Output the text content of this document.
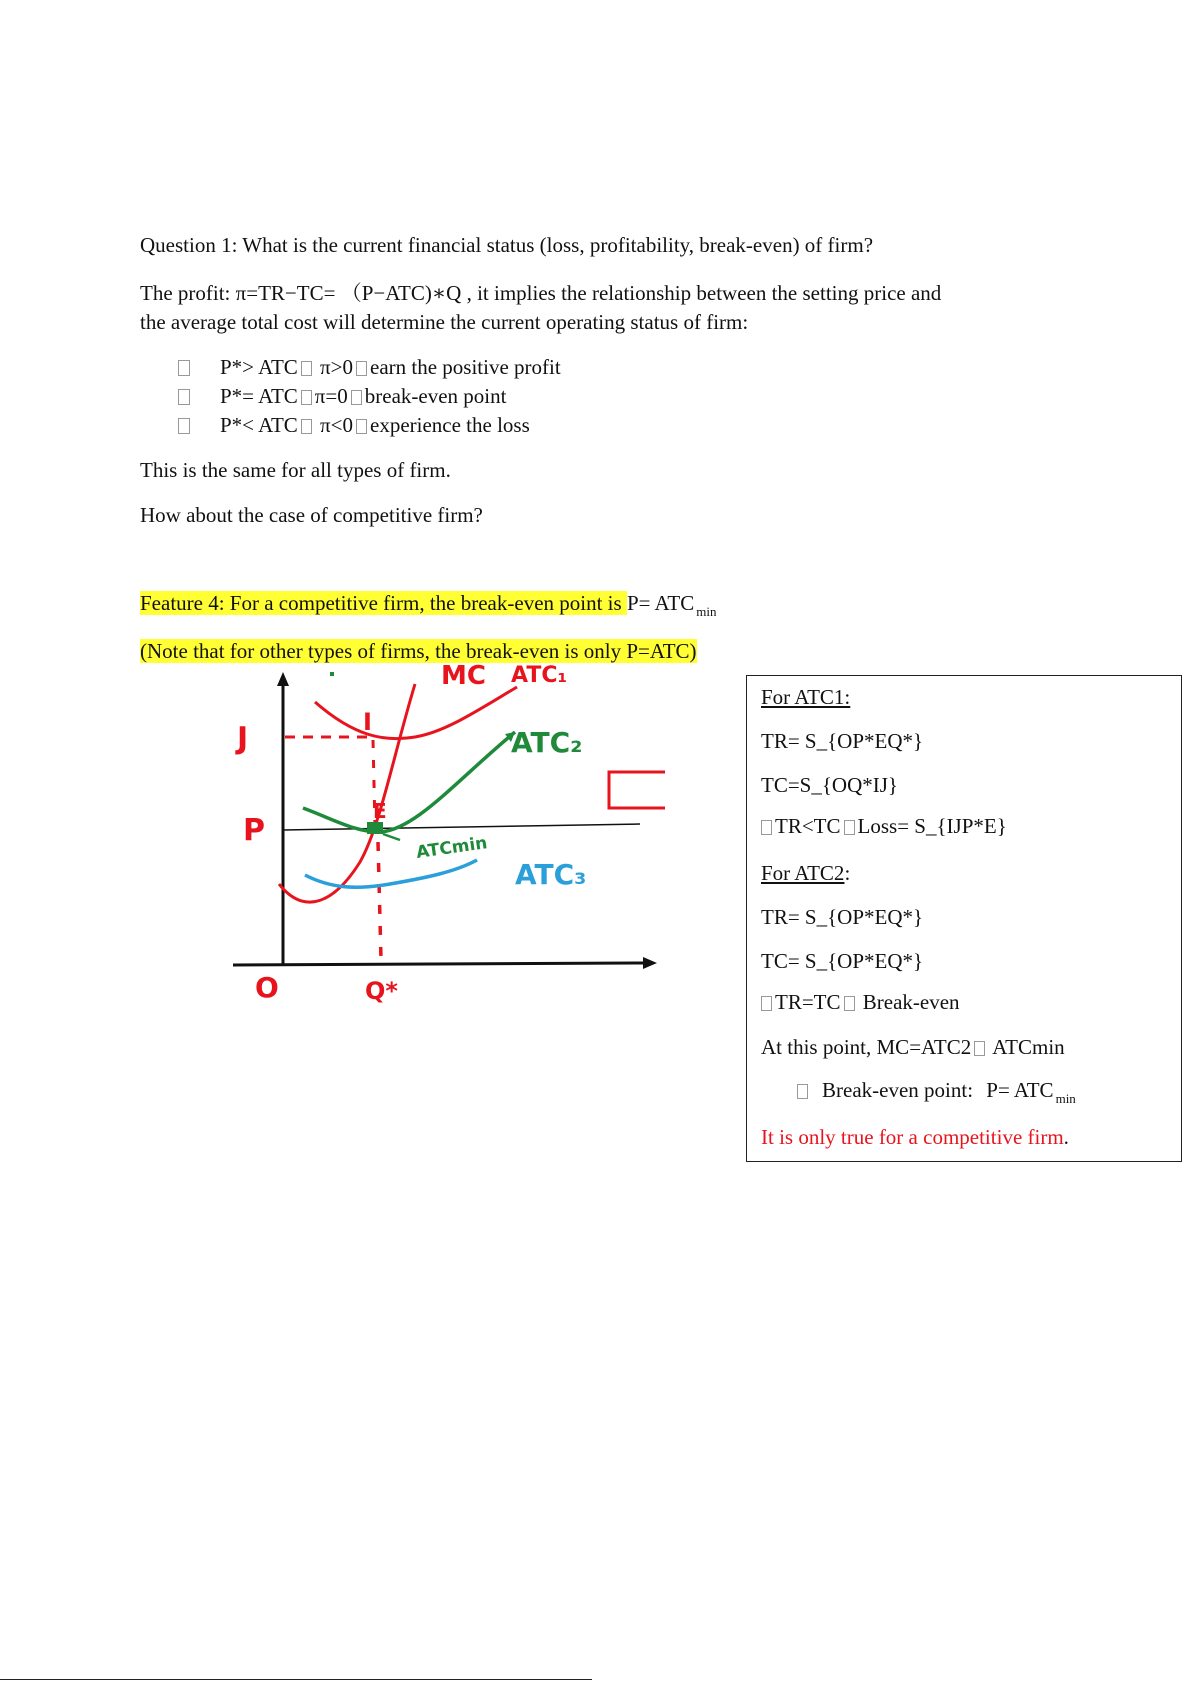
Question 1: What is the current financial status (loss, profitability, break-even) of firm?
The profit: π=TR−TC= （P−ATC)∗Q , it implies the relationship between the setting price and
the average total cost will determine the current operating status of firm:
P*> ATC π>0 earn the positive profit
P*= ATC π=0 break-even point
P*< ATC π<0 experience the loss
This is the same for all types of firm.
How about the case of competitive firm?
Feature 4: For a competitive firm, the break-even point is P= ATC $_{min}$
(Note that for other types of firms, the break-even is only P=ATC)
MC ATC₁
ATC₂
ATC₃
ATCmin
J
P
I
E
O	Q*
For ATC1:
TR= S_{OP*EQ*}
TC=S_{OQ*IJ}
TR<TC Loss= S_{IJP*E}
For ATC2:
TR= S_{OP*EQ*}
TC= S_{OP*EQ*}
TR=TC Break-even
At this point, MC=ATC2 ATCmin
Break-even point: P= ATC $_{min}$
It is only true for a competitive firm.
